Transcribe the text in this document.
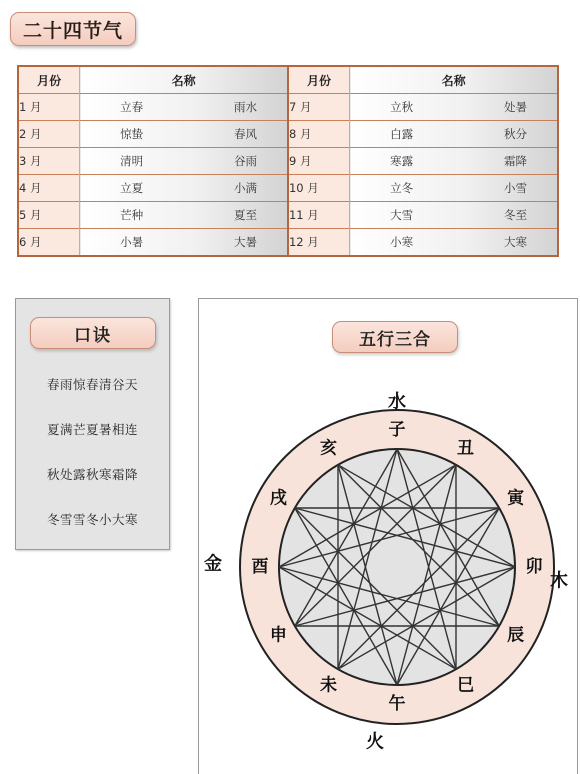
二十四节气
月份	名称	月份	名称
1 月	立春 雨水	7 月	立秋 处暑

2 月	惊蛰 春风	8 月	白露 秋分

3 月	清明 谷雨	9 月	寒露 霜降

4 月	立夏 小满	10 月	立冬 小雪

5 月	芒种 夏至	11 月	大雪 冬至

6 月	小暑 大暑	12 月	小寒 大寒
口诀
春雨惊春清谷天
夏满芒夏暑相连
秋处露秋寒霜降
冬雪雪冬小大寒
五行三合
子
丑
寅
卯
辰
巳
午
未
申
酉
戌
亥
水
火
木
金
